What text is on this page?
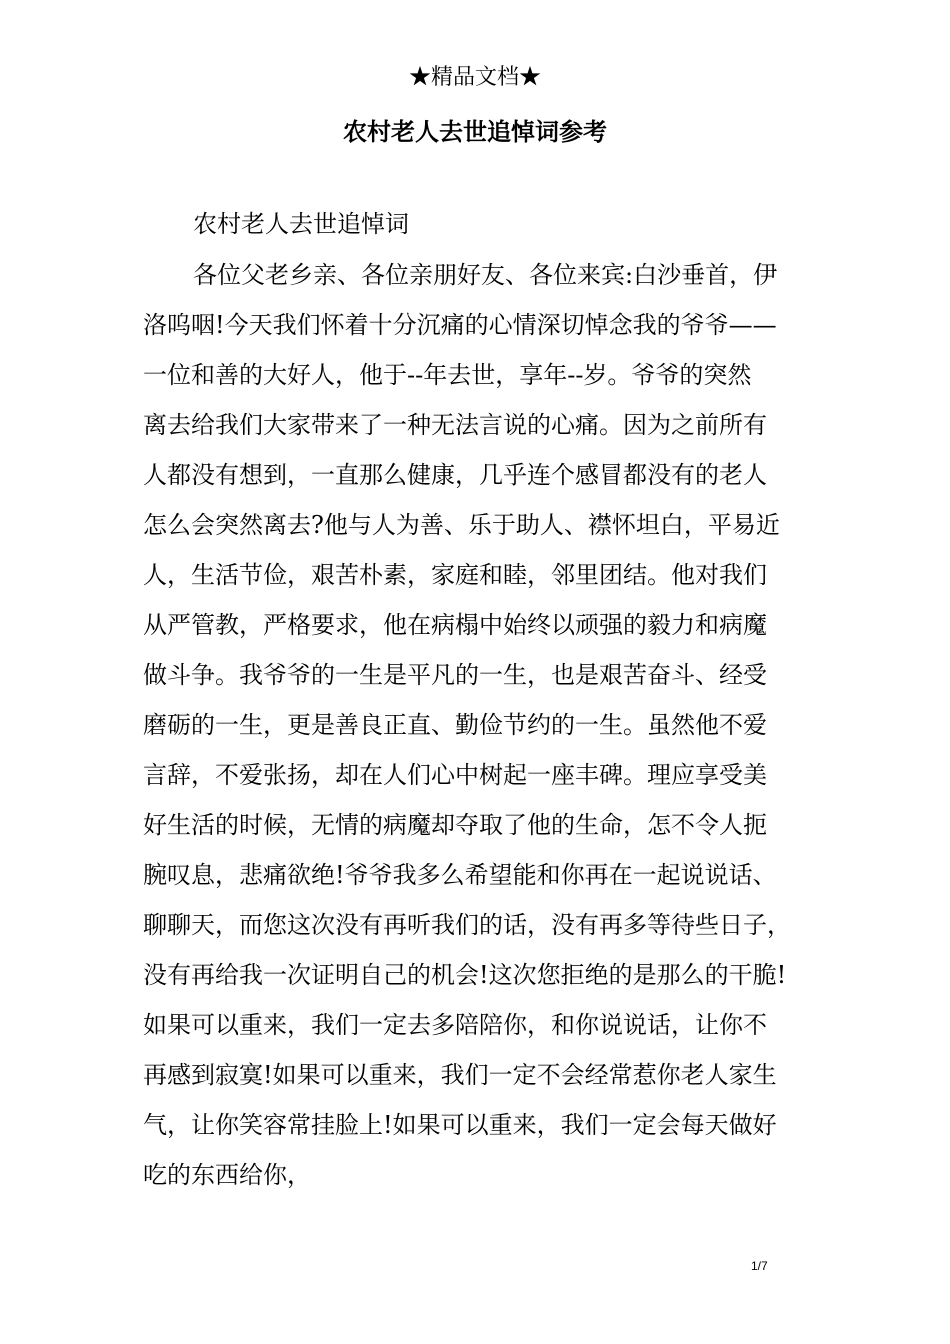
★精品文档★
农村老人去世追悼词参考
农村老人去世追悼词
各位父老乡亲、各位亲朋好友、各位来宾:白沙垂首，伊
洛呜咽!今天我们怀着十分沉痛的心情深切悼念我的爷爷——
一位和善的大好人，他于--年去世，享年--岁。爷爷的突然
离去给我们大家带来了一种无法言说的心痛。因为之前所有
人都没有想到，一直那么健康，几乎连个感冒都没有的老人
怎么会突然离去?他与人为善、乐于助人、襟怀坦白，平易近
人，生活节俭，艰苦朴素，家庭和睦，邻里团结。他对我们
从严管教，严格要求，他在病榻中始终以顽强的毅力和病魔
做斗争。我爷爷的一生是平凡的一生，也是艰苦奋斗、经受
磨砺的一生，更是善良正直、勤俭节约的一生。虽然他不爱
言辞，不爱张扬，却在人们心中树起一座丰碑。理应享受美
好生活的时候，无情的病魔却夺取了他的生命，怎不令人扼
腕叹息，悲痛欲绝!爷爷我多么希望能和你再在一起说说话、
聊聊天，而您这次没有再听我们的话，没有再多等待些日子，
没有再给我一次证明自己的机会!这次您拒绝的是那么的干脆!
如果可以重来，我们一定去多陪陪你，和你说说话，让你不
再感到寂寞!如果可以重来，我们一定不会经常惹你老人家生
气，让你笑容常挂脸上!如果可以重来，我们一定会每天做好
吃的东西给你，
1/7
